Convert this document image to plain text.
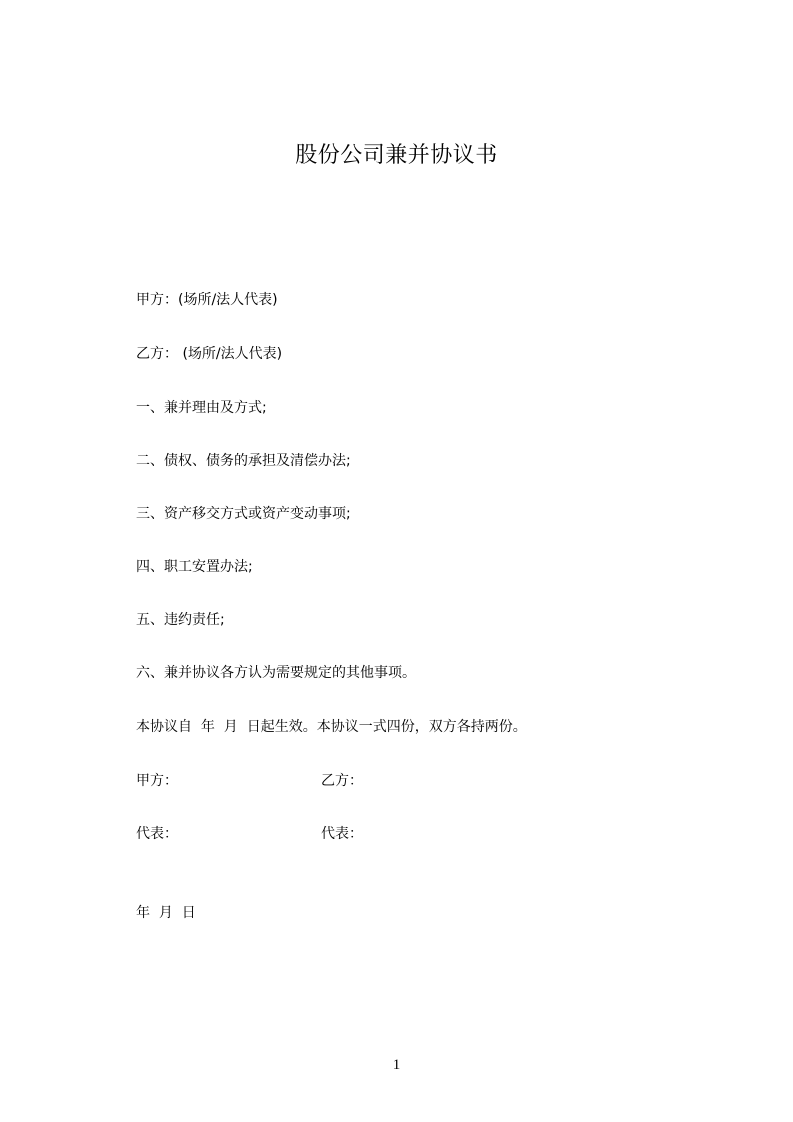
股份公司兼并协议书
甲方：(场所/法人代表)
乙方： (场所/法人代表)
一、兼并理由及方式;
二、债权、债务的承担及清偿办法;
三、资产移交方式或资产变动事项;
四、职工安置办法;
五、违约责任;
六、兼并协议各方认为需要规定的其他事项。
本协议自  年  月  日起生效。本协议一式四份，双方各持两份。
甲方：	乙方：
代表：	代表：
年  月  日
1
